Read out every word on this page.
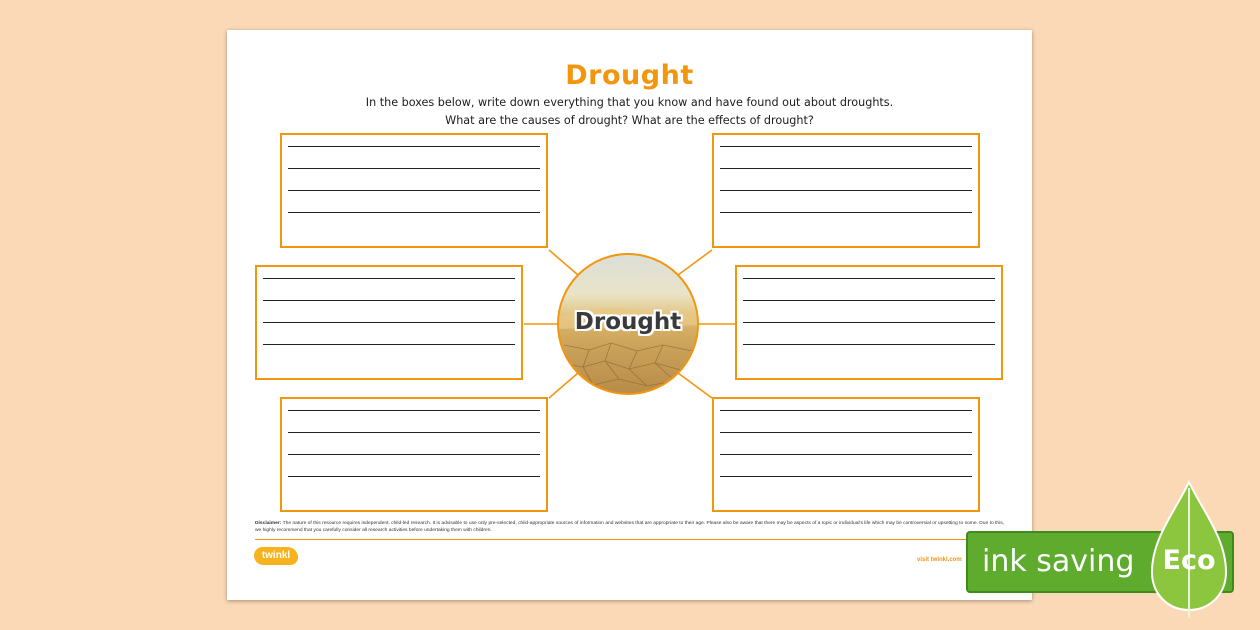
Drought
In the boxes below, write down everything that you know and have found out about droughts.
What are the causes of drought? What are the effects of drought?
Drought
Disclaimer: The nature of this resource requires independent, child-led research. It is advisable to use only pre-selected, child-appropriate sources of information and websites that are appropriate to their age. Please also be aware that there may be aspects of a topic or individual's life which may be controversial or upsetting to some. Due to this, we highly recommend that you carefully consider all research activities before undertaking them with children.
twinkl	visit twinkl.com ink saving Eco
